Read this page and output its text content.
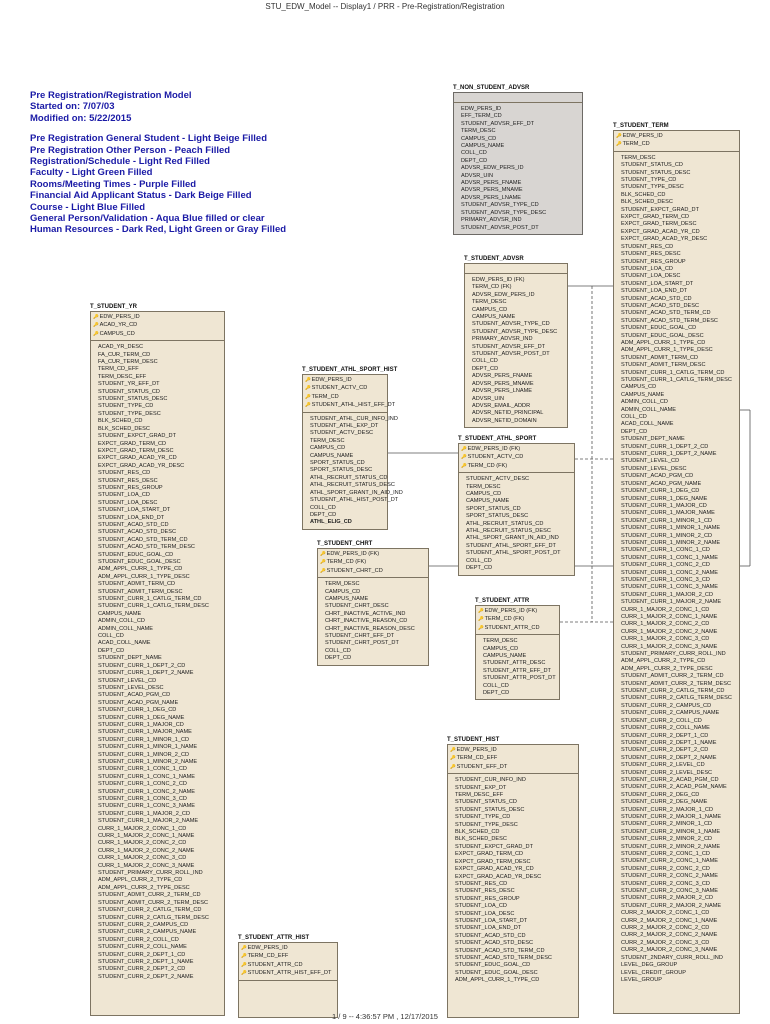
STU_EDW_Model -- Display1 / PRR - Pre-Registration/Registration
Pre Registration/Registration Model
Started on: 7/07/03
Modified on: 5/22/2015
Pre Registration General Student - Light Beige Filled
Pre Registration Other Person - Peach Filled
Registration/Schedule - Light Red Filled
Faculty - Light Green Filled
Rooms/Meeting Times - Purple Filled
Financial Aid Applicant Status - Dark Beige Filled
Course - Light Blue Filled
General Person/Validation - Aqua Blue filled or clear
Human Resources - Dark Red, Light Green or Gray Filled
T_NON_STUDENT_ADVSR
EDW_PERS_ID
EFF_TERM_CD
STUDENT_ADVSR_EFF_DT
TERM_DESC
CAMPUS_CD
CAMPUS_NAME
COLL_CD
DEPT_CD
ADVSR_EDW_PERS_ID
ADVSR_UIN
ADVSR_PERS_FNAME
ADVSR_PERS_MNAME
ADVSR_PERS_LNAME
STUDENT_ADVSR_TYPE_CD
STUDENT_ADVSR_TYPE_DESC
PRIMARY_ADVSR_IND
STUDENT_ADVSR_POST_DT
T_STUDENT_TERM
🔑 EDW_PERS_ID
🔑 TERM_CD
TERM_DESC
STUDENT_STATUS_CD
STUDENT_STATUS_DESC
STUDENT_TYPE_CD
STUDENT_TYPE_DESC
BLK_SCHED_CD
BLK_SCHED_DESC
STUDENT_EXPCT_GRAD_DT
EXPCT_GRAD_TERM_CD
EXPCT_GRAD_TERM_DESC
EXPCT_GRAD_ACAD_YR_CD
EXPCT_GRAD_ACAD_YR_DESC
STUDENT_RES_CD
STUDENT_RES_DESC
STUDENT_RES_GROUP
STUDENT_LOA_CD
STUDENT_LOA_DESC
STUDENT_LOA_START_DT
STUDENT_LOA_END_DT
STUDENT_ACAD_STD_CD
STUDENT_ACAD_STD_DESC
STUDENT_ACAD_STD_TERM_CD
STUDENT_ACAD_STD_TERM_DESC
STUDENT_EDUC_GOAL_CD
STUDENT_EDUC_GOAL_DESC
ADM_APPL_CURR_1_TYPE_CD
ADM_APPL_CURR_1_TYPE_DESC
STUDENT_ADMIT_TERM_CD
STUDENT_ADMIT_TERM_DESC
STUDENT_CURR_1_CATLG_TERM_CD
STUDENT_CURR_1_CATLG_TERM_DESC
CAMPUS_CD
CAMPUS_NAME
ADMIN_COLL_CD
ADMIN_COLL_NAME
COLL_CD
ACAD_COLL_NAME
DEPT_CD
STUDENT_DEPT_NAME
STUDENT_CURR_1_DEPT_2_CD
STUDENT_CURR_1_DEPT_2_NAME
STUDENT_LEVEL_CD
STUDENT_LEVEL_DESC
STUDENT_ACAD_PGM_CD
STUDENT_ACAD_PGM_NAME
STUDENT_CURR_1_DEG_CD
STUDENT_CURR_1_DEG_NAME
STUDENT_CURR_1_MAJOR_CD
STUDENT_CURR_1_MAJOR_NAME
STUDENT_CURR_1_MINOR_1_CD
STUDENT_CURR_1_MINOR_1_NAME
STUDENT_CURR_1_MINOR_2_CD
STUDENT_CURR_1_MINOR_2_NAME
STUDENT_CURR_1_CONC_1_CD
STUDENT_CURR_1_CONC_1_NAME
STUDENT_CURR_1_CONC_2_CD
STUDENT_CURR_1_CONC_2_NAME
STUDENT_CURR_1_CONC_3_CD
STUDENT_CURR_1_CONC_3_NAME
STUDENT_CURR_1_MAJOR_2_CD
STUDENT_CURR_1_MAJOR_2_NAME
CURR_1_MAJOR_2_CONC_1_CD
CURR_1_MAJOR_2_CONC_1_NAME
CURR_1_MAJOR_2_CONC_2_CD
CURR_1_MAJOR_2_CONC_2_NAME
CURR_1_MAJOR_2_CONC_3_CD
CURR_1_MAJOR_2_CONC_3_NAME
STUDENT_PRIMARY_CURR_ROLL_IND
ADM_APPL_CURR_2_TYPE_CD
ADM_APPL_CURR_2_TYPE_DESC
STUDENT_ADMIT_CURR_2_TERM_CD
STUDENT_ADMIT_CURR_2_TERM_DESC
STUDENT_CURR_2_CATLG_TERM_CD
STUDENT_CURR_2_CATLG_TERM_DESC
STUDENT_CURR_2_CAMPUS_CD
STUDENT_CURR_2_CAMPUS_NAME
STUDENT_CURR_2_COLL_CD
STUDENT_CURR_2_COLL_NAME
STUDENT_CURR_2_DEPT_1_CD
STUDENT_CURR_2_DEPT_1_NAME
STUDENT_CURR_2_DEPT_2_CD
STUDENT_CURR_2_DEPT_2_NAME
STUDENT_CURR_2_LEVEL_CD
STUDENT_CURR_2_LEVEL_DESC
STUDENT_CURR_2_ACAD_PGM_CD
STUDENT_CURR_2_ACAD_PGM_NAME
STUDENT_CURR_2_DEG_CD
STUDENT_CURR_2_DEG_NAME
STUDENT_CURR_2_MAJOR_1_CD
STUDENT_CURR_2_MAJOR_1_NAME
STUDENT_CURR_2_MINOR_1_CD
STUDENT_CURR_2_MINOR_1_NAME
STUDENT_CURR_2_MINOR_2_CD
STUDENT_CURR_2_MINOR_2_NAME
STUDENT_CURR_2_CONC_1_CD
STUDENT_CURR_2_CONC_1_NAME
STUDENT_CURR_2_CONC_2_CD
STUDENT_CURR_2_CONC_2_NAME
STUDENT_CURR_2_CONC_3_CD
STUDENT_CURR_2_CONC_3_NAME
STUDENT_CURR_2_MAJOR_2_CD
STUDENT_CURR_2_MAJOR_2_NAME
CURR_2_MAJOR_2_CONC_1_CD
CURR_2_MAJOR_2_CONC_1_NAME
CURR_2_MAJOR_2_CONC_2_CD
CURR_2_MAJOR_2_CONC_2_NAME
CURR_2_MAJOR_2_CONC_3_CD
CURR_2_MAJOR_2_CONC_3_NAME
STUDENT_2NDARY_CURR_ROLL_IND
LEVEL_DEG_GROUP
LEVEL_CREDIT_GROUP
LEVEL_GROUP
T_STUDENT_YR
🔑 EDW_PERS_ID
🔑 ACAD_YR_CD
🔑 CAMPUS_CD
ACAD_YR_DESC
FA_CUR_TERM_CD
FA_CUR_TERM_DESC
TERM_CD_EFF
TERM_DESC_EFF
STUDENT_YR_EFF_DT
STUDENT_STATUS_CD
STUDENT_STATUS_DESC
STUDENT_TYPE_CD
STUDENT_TYPE_DESC
BLK_SCHED_CD
BLK_SCHED_DESC
STUDENT_EXPCT_GRAD_DT
EXPCT_GRAD_TERM_CD
EXPCT_GRAD_TERM_DESC
EXPCT_GRAD_ACAD_YR_CD
EXPCT_GRAD_ACAD_YR_DESC
STUDENT_RES_CD
STUDENT_RES_DESC
STUDENT_RES_GROUP
STUDENT_LOA_CD
STUDENT_LOA_DESC
STUDENT_LOA_START_DT
STUDENT_LOA_END_DT
STUDENT_ACAD_STD_CD
STUDENT_ACAD_STD_DESC
STUDENT_ACAD_STD_TERM_CD
STUDENT_ACAD_STD_TERM_DESC
STUDENT_EDUC_GOAL_CD
STUDENT_EDUC_GOAL_DESC
ADM_APPL_CURR_1_TYPE_CD
ADM_APPL_CURR_1_TYPE_DESC
STUDENT_ADMIT_TERM_CD
STUDENT_ADMIT_TERM_DESC
STUDENT_CURR_1_CATLG_TERM_CD
STUDENT_CURR_1_CATLG_TERM_DESC
CAMPUS_NAME
ADMIN_COLL_CD
ADMIN_COLL_NAME
COLL_CD
ACAD_COLL_NAME
DEPT_CD
STUDENT_DEPT_NAME
STUDENT_CURR_1_DEPT_2_CD
STUDENT_CURR_1_DEPT_2_NAME
STUDENT_LEVEL_CD
STUDENT_LEVEL_DESC
STUDENT_ACAD_PGM_CD
STUDENT_ACAD_PGM_NAME
STUDENT_CURR_1_DEG_CD
STUDENT_CURR_1_DEG_NAME
STUDENT_CURR_1_MAJOR_CD
STUDENT_CURR_1_MAJOR_NAME
STUDENT_CURR_1_MINOR_1_CD
STUDENT_CURR_1_MINOR_1_NAME
STUDENT_CURR_1_MINOR_2_CD
STUDENT_CURR_1_MINOR_2_NAME
STUDENT_CURR_1_CONC_1_CD
STUDENT_CURR_1_CONC_1_NAME
STUDENT_CURR_1_CONC_2_CD
STUDENT_CURR_1_CONC_2_NAME
STUDENT_CURR_1_CONC_3_CD
STUDENT_CURR_1_CONC_3_NAME
STUDENT_CURR_1_MAJOR_2_CD
STUDENT_CURR_1_MAJOR_2_NAME
CURR_1_MAJOR_2_CONC_1_CD
CURR_1_MAJOR_2_CONC_1_NAME
CURR_1_MAJOR_2_CONC_2_CD
CURR_1_MAJOR_2_CONC_2_NAME
CURR_1_MAJOR_2_CONC_3_CD
CURR_1_MAJOR_2_CONC_3_NAME
STUDENT_PRIMARY_CURR_ROLL_IND
ADM_APPL_CURR_2_TYPE_CD
ADM_APPL_CURR_2_TYPE_DESC
STUDENT_ADMIT_CURR_2_TERM_CD
STUDENT_ADMIT_CURR_2_TERM_DESC
STUDENT_CURR_2_CATLG_TERM_CD
STUDENT_CURR_2_CATLG_TERM_DESC
STUDENT_CURR_2_CAMPUS_CD
STUDENT_CURR_2_CAMPUS_NAME
STUDENT_CURR_2_COLL_CD
STUDENT_CURR_2_COLL_NAME
STUDENT_CURR_2_DEPT_1_CD
STUDENT_CURR_2_DEPT_1_NAME
STUDENT_CURR_2_DEPT_2_CD
STUDENT_CURR_2_DEPT_2_NAME
T_STUDENT_ADVSR
EDW_PERS_ID (FK)
TERM_CD (FK)
ADVSR_EDW_PERS_ID
TERM_DESC
CAMPUS_CD
CAMPUS_NAME
STUDENT_ADVSR_TYPE_CD
STUDENT_ADVSR_TYPE_DESC
PRIMARY_ADVSR_IND
STUDENT_ADVSR_EFF_DT
STUDENT_ADVSR_POST_DT
COLL_CD
DEPT_CD
ADVSR_PERS_FNAME
ADVSR_PERS_MNAME
ADVSR_PERS_LNAME
ADVSR_UIN
ADVSR_EMAIL_ADDR
ADVSR_NETID_PRINCIPAL
ADVSR_NETID_DOMAIN
T_STUDENT_ATHL_SPORT_HIST
🔑 EDW_PERS_ID
🔑 STUDENT_ACTV_CD
🔑 TERM_CD
🔑 STUDENT_ATHL_HIST_EFF_DT
STUDENT_ATHL_CUR_INFO_IND
STUDENT_ATHL_EXP_DT
STUDENT_ACTV_DESC
TERM_DESC
CAMPUS_CD
CAMPUS_NAME
SPORT_STATUS_CD
SPORT_STATUS_DESC
ATHL_RECRUIT_STATUS_CD
ATHL_RECRUIT_STATUS_DESC
ATHL_SPORT_GRANT_IN_AID_IND
STUDENT_ATHL_HIST_POST_DT
COLL_CD
DEPT_CD
ATHL_ELIG_CD
T_STUDENT_ATHL_SPORT
🔑 EDW_PERS_ID (FK)
🔑 STUDENT_ACTV_CD
🔑 TERM_CD (FK)
STUDENT_ACTV_DESC
TERM_DESC
CAMPUS_CD
CAMPUS_NAME
SPORT_STATUS_CD
SPORT_STATUS_DESC
ATHL_RECRUIT_STATUS_CD
ATHL_RECRUIT_STATUS_DESC
ATHL_SPORT_GRANT_IN_AID_IND
STUDENT_ATHL_SPORT_EFF_DT
STUDENT_ATHL_SPORT_POST_DT
COLL_CD
DEPT_CD
T_STUDENT_CHRT
🔑 EDW_PERS_ID (FK)
🔑 TERM_CD (FK)
🔑 STUDENT_CHRT_CD
TERM_DESC
CAMPUS_CD
CAMPUS_NAME
STUDENT_CHRT_DESC
CHRT_INACTIVE_ACTIVE_IND
CHRT_INACTIVE_REASON_CD
CHRT_INACTIVE_REASON_DESC
STUDENT_CHRT_EFF_DT
STUDENT_CHRT_POST_DT
COLL_CD
DEPT_CD
T_STUDENT_ATTR
🔑 EDW_PERS_ID (FK)
🔑 TERM_CD (FK)
🔑 STUDENT_ATTR_CD
TERM_DESC
CAMPUS_CD
CAMPUS_NAME
STUDENT_ATTR_DESC
STUDENT_ATTR_EFF_DT
STUDENT_ATTR_POST_DT
COLL_CD
DEPT_CD
T_STUDENT_HIST
🔑 EDW_PERS_ID
🔑 TERM_CD_EFF
🔑 STUDENT_EFF_DT
STUDENT_CUR_INFO_IND
STUDENT_EXP_DT
TERM_DESC_EFF
STUDENT_STATUS_CD
STUDENT_STATUS_DESC
STUDENT_TYPE_CD
STUDENT_TYPE_DESC
BLK_SCHED_CD
BLK_SCHED_DESC
STUDENT_EXPCT_GRAD_DT
EXPCT_GRAD_TERM_CD
EXPCT_GRAD_TERM_DESC
EXPCT_GRAD_ACAD_YR_CD
EXPCT_GRAD_ACAD_YR_DESC
STUDENT_RES_CD
STUDENT_RES_DESC
STUDENT_RES_GROUP
STUDENT_LOA_CD
STUDENT_LOA_DESC
STUDENT_LOA_START_DT
STUDENT_LOA_END_DT
STUDENT_ACAD_STD_CD
STUDENT_ACAD_STD_DESC
STUDENT_ACAD_STD_TERM_CD
STUDENT_ACAD_STD_TERM_DESC
STUDENT_EDUC_GOAL_CD
STUDENT_EDUC_GOAL_DESC
ADM_APPL_CURR_1_TYPE_CD
T_STUDENT_ATTR_HIST
🔑 EDW_PERS_ID
🔑 TERM_CD_EFF
🔑 STUDENT_ATTR_CD
🔑 STUDENT_ATTR_HIST_EFF_DT
1 / 9 -- 4:36:57 PM , 12/17/2015
